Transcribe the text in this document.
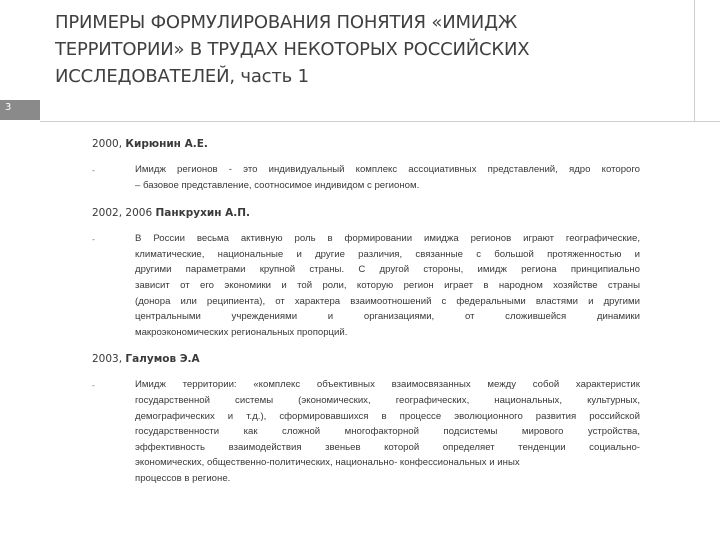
ПРИМЕРЫ ФОРМУЛИРОВАНИЯ ПОНЯТИЯ «ИМИДЖ
ТЕРРИТОРИИ» В ТРУДАХ НЕКОТОРЫХ РОССИЙСКИХ
ИССЛЕДОВАТЕЛЕЙ, часть 1
3

2000, Кирюнин А.Е.

-	Имидж регионов - это индивидуальный комплекс ассоциативных представлений, ядро которого
– базовое представление, соотносимое индивидом с регионом.

2002, 2006 Панкрухин А.П.

-	В России весьма активную роль в формировании имиджа регионов играют географические,
климатические, национальные и другие различия, связанные с большой протяженностью и
другими параметрами крупной страны. С другой стороны, имидж региона принципиально
зависит от его экономики и той роли, которую регион играет в народном хозяйстве страны
(донора или реципиента), от характера взаимоотношений с федеральными властями и другими
центральными учреждениями и организациями, от сложившейся динамики
макроэкономических региональных пропорций.

2003, Галумов Э.А

-	Имидж территории: «комплекс объективных взаимосвязанных между собой характеристик
государственной системы (экономических, географических, национальных, культурных,
демографических и т.д.), сформировавшихся в процессе эволюционного развития российской
государственности как сложной многофакторной подсистемы мирового устройства,
эффективность взаимодействия звеньев которой определяет тенденции социально-
экономических, общественно-политических, национально- конфессиональных и иных
процессов в регионе.
